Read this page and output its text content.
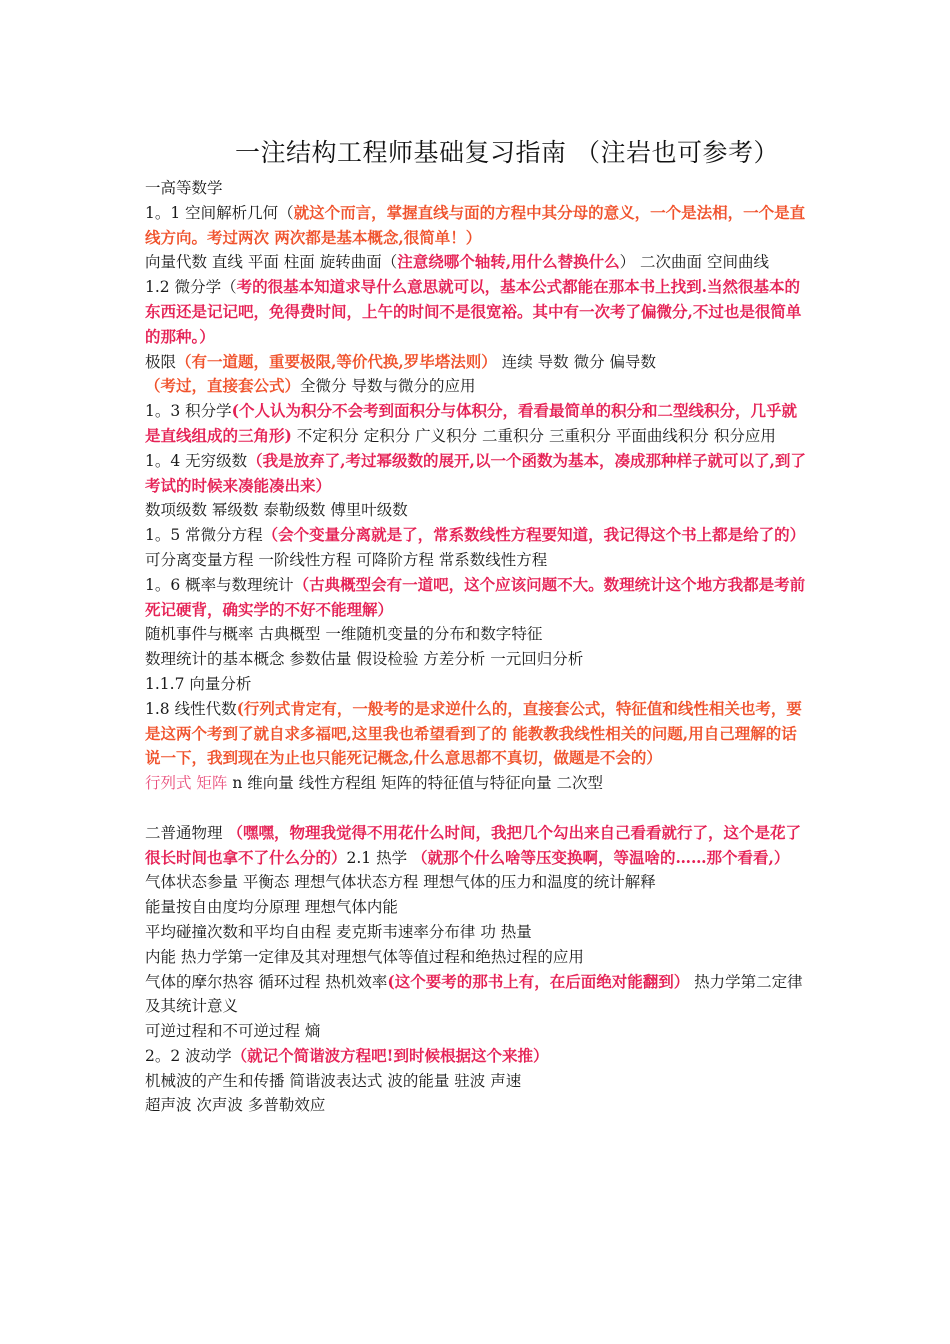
一注结构工程师基础复习指南 （注岩也可参考）

一高等数学

1。1 空间解析几何（就这个而言，掌握直线与面的方程中其分母的意义，一个是法相，一个是直线方向。考过两次 两次都是基本概念,很简单！）

向量代数 直线 平面 柱面 旋转曲面（注意绕哪个轴转,用什么替换什么） 二次曲面 空间曲线

1.2 微分学（考的很基本知道求导什么意思就可以，基本公式都能在那本书上找到.当然很基本的东西还是记记吧，免得费时间，上午的时间不是很宽裕。其中有一次考了偏微分,不过也是很简单的那种。）

极限（有一道题，重要极限,等价代换,罗毕塔法则） 连续 导数 微分 偏导数（考过，直接套公式）全微分 导数与微分的应用

1。3 积分学(个人认为积分不会考到面积分与体积分，看看最简单的积分和二型线积分，几乎就是直线组成的三角形) 不定积分 定积分 广义积分 二重积分 三重积分 平面曲线积分 积分应用

1。4 无穷级数（我是放弃了,考过幂级数的展开,以一个函数为基本，凑成那种样子就可以了,到了考试的时候来凑能凑出来）

数项级数 幂级数 泰勒级数 傅里叶级数

1。5 常微分方程（会个变量分离就是了，常系数线性方程要知道，我记得这个书上都是给了的）可分离变量方程 一阶线性方程 可降阶方程 常系数线性方程

1。6 概率与数理统计（古典概型会有一道吧，这个应该问题不大。数理统计这个地方我都是考前死记硬背，确实学的不好不能理解）

随机事件与概率 古典概型 一维随机变量的分布和数字特征

数理统计的基本概念 参数估量 假设检验 方差分析 一元回归分析

1.1.7 向量分析

1.8 线性代数(行列式肯定有，一般考的是求逆什么的，直接套公式，特征值和线性相关也考，要是这两个考到了就自求多福吧,这里我也希望看到了的 能教教我线性相关的问题,用自己理解的话说一下，我到现在为止也只能死记概念,什么意思都不真切，做题是不会的）

行列式 矩阵 n 维向量 线性方程组 矩阵的特征值与特征向量 二次型

二普通物理 （嘿嘿，物理我觉得不用花什么时间，我把几个勾出来自己看看就行了，这个是花了很长时间也拿不了什么分的）2.1 热学 （就那个什么啥等压变换啊，等温啥的……那个看看,）

气体状态参量 平衡态 理想气体状态方程 理想气体的压力和温度的统计解释

能量按自由度均分原理 理想气体内能

平均碰撞次数和平均自由程 麦克斯韦速率分布律 功 热量

内能 热力学第一定律及其对理想气体等值过程和绝热过程的应用

气体的摩尔热容 循环过程 热机效率(这个要考的那书上有，在后面绝对能翻到） 热力学第二定律及其统计意义

可逆过程和不可逆过程 熵

2。2 波动学（就记个简谐波方程吧!到时候根据这个来推）

机械波的产生和传播 简谐波表达式 波的能量 驻波 声速

超声波 次声波 多普勒效应
